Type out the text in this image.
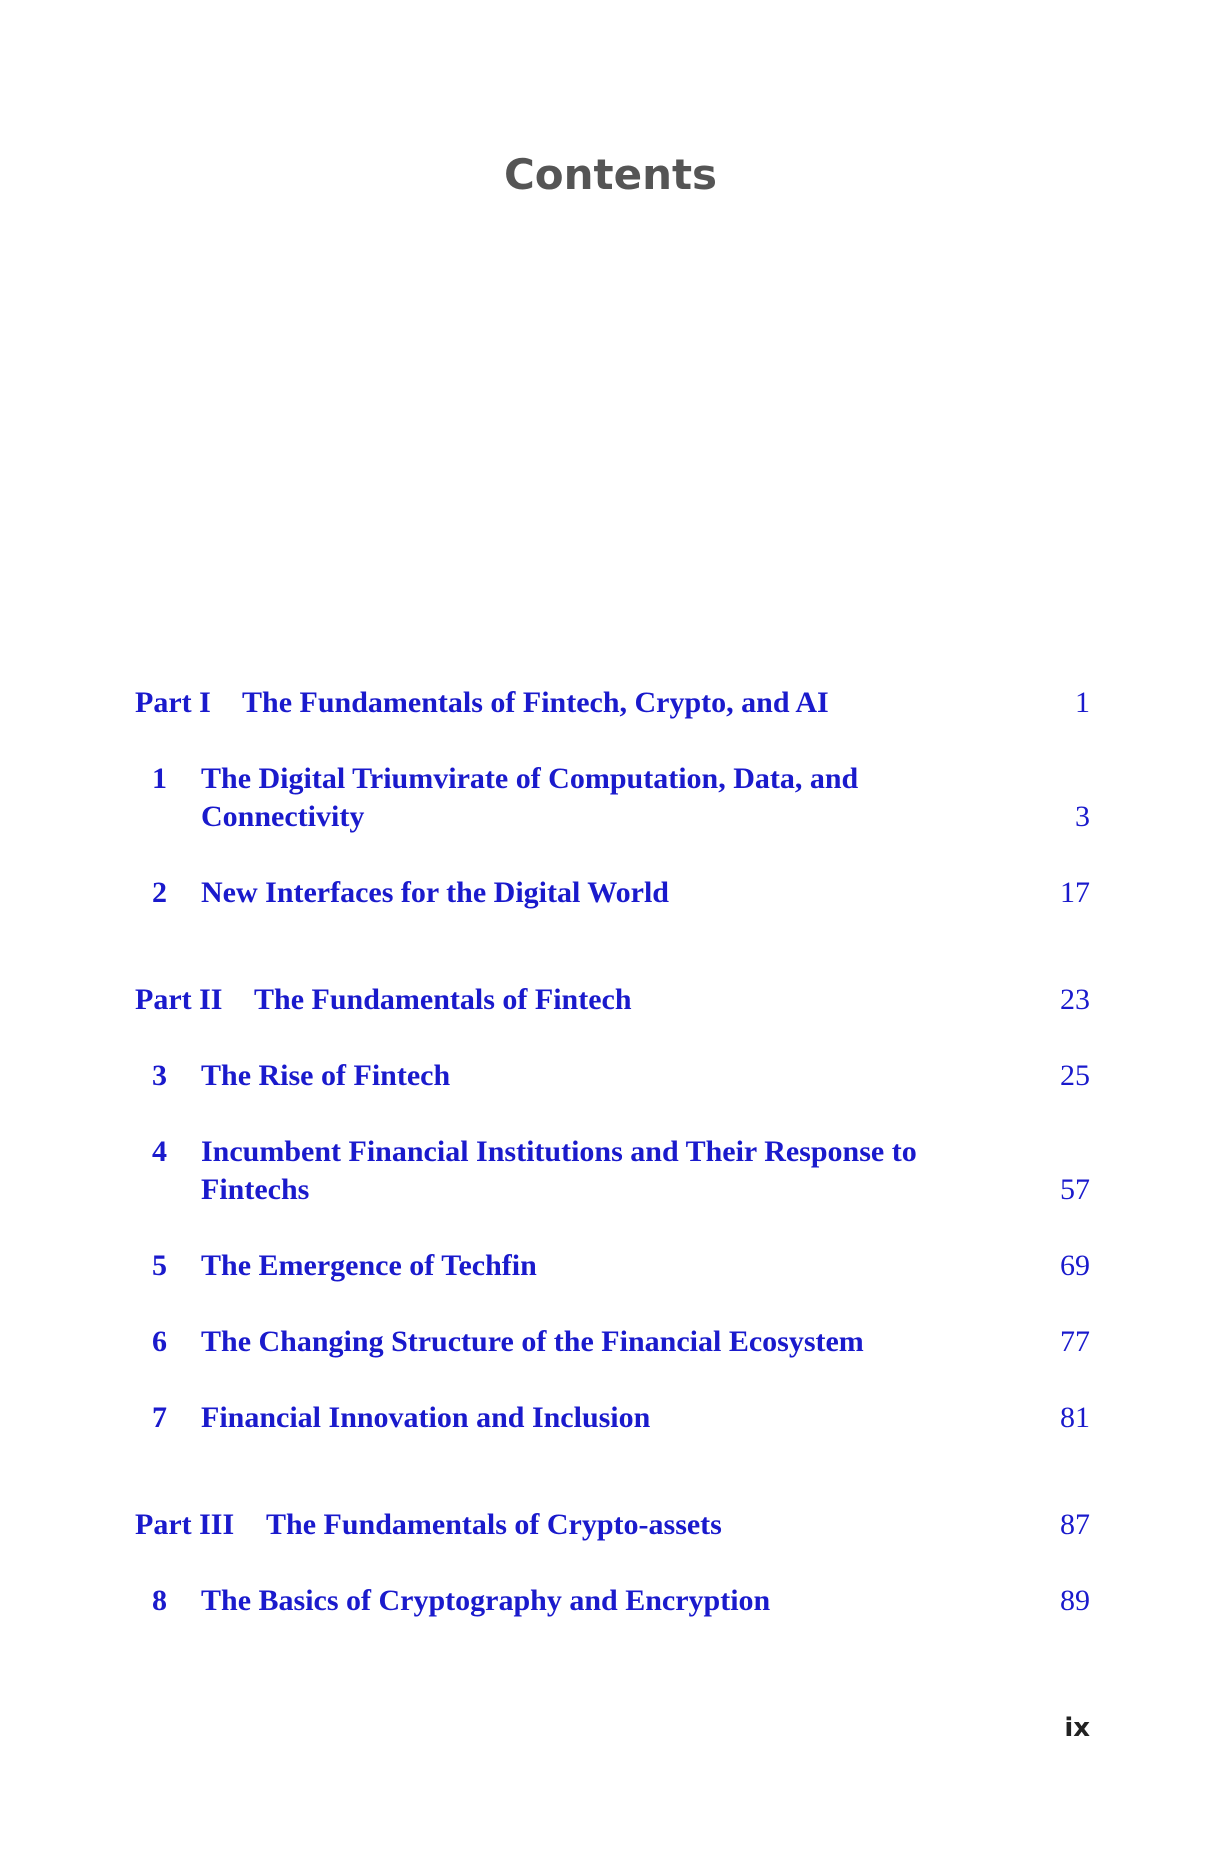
Contents
Part I The Fundamentals of Fintech, Crypto, and AI	1
1 The Digital Triumvirate of Computation, Data, and
Connectivity	3
2 New Interfaces for the Digital World	17
Part II The Fundamentals of Fintech	23
3 The Rise of Fintech	25
4 Incumbent Financial Institutions and Their Response to
Fintechs	57
5 The Emergence of Techfin	69
6 The Changing Structure of the Financial Ecosystem	77
7 Financial Innovation and Inclusion	81
Part III The Fundamentals of Crypto-assets	87
8 The Basics of Cryptography and Encryption	89
ix
